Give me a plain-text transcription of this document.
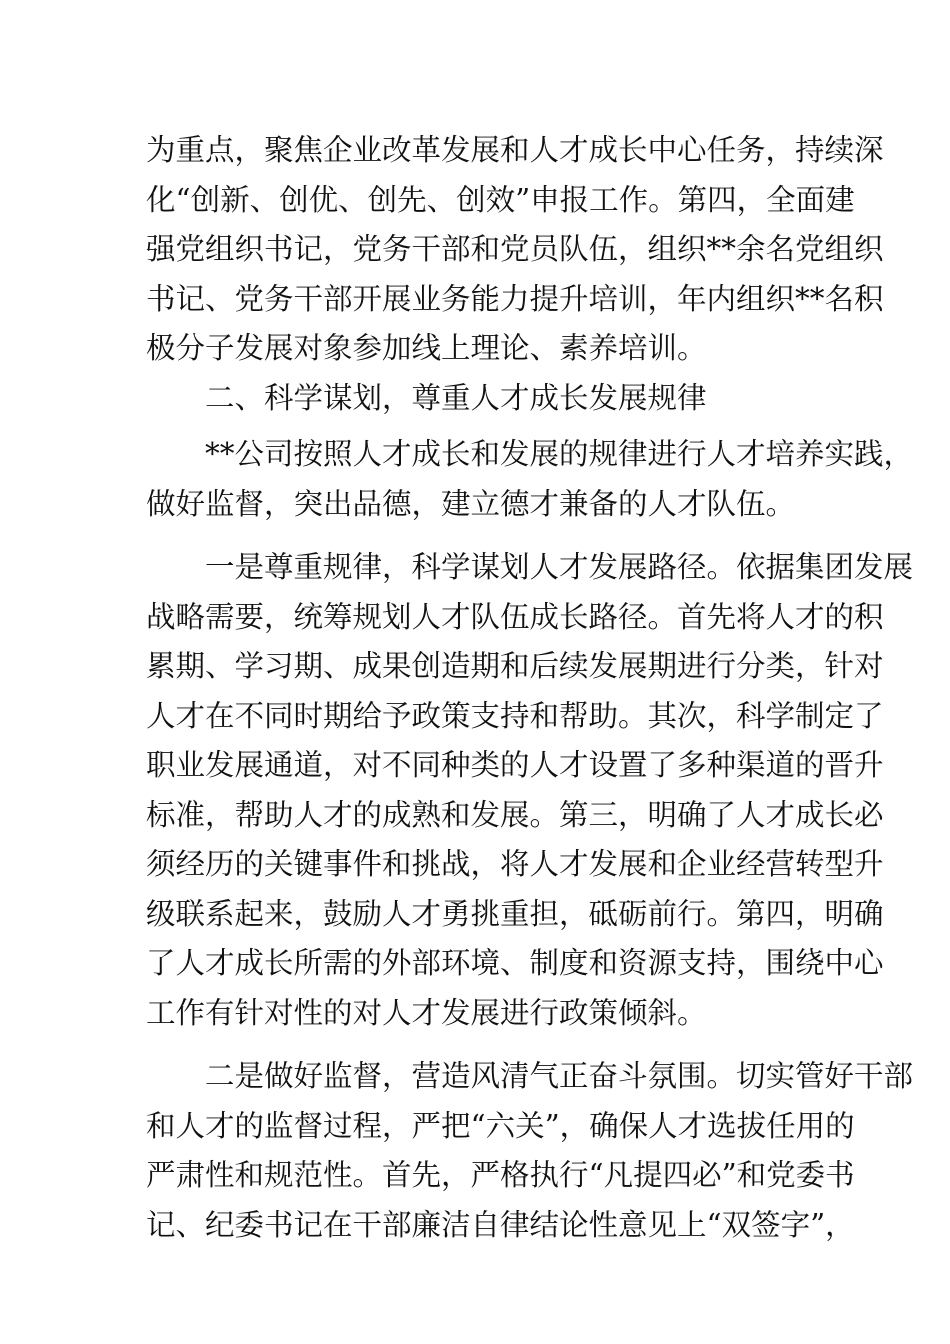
为重点，聚焦企业改革发展和人才成长中心任务，持续深
化“创新、创优、创先、创效”申报工作。第四，全面建
强党组织书记，党务干部和党员队伍，组织**余名党组织
书记、党务干部开展业务能力提升培训，年内组织**名积
极分子发展对象参加线上理论、素养培训。
　　二、科学谋划，尊重人才成长发展规律
　　**公司按照人才成长和发展的规律进行人才培养实践，
做好监督，突出品德，建立德才兼备的人才队伍。
　　一是尊重规律，科学谋划人才发展路径。依据集团发展
战略需要，统筹规划人才队伍成长路径。首先将人才的积
累期、学习期、成果创造期和后续发展期进行分类，针对
人才在不同时期给予政策支持和帮助。其次，科学制定了
职业发展通道，对不同种类的人才设置了多种渠道的晋升
标准，帮助人才的成熟和发展。第三，明确了人才成长必
须经历的关键事件和挑战，将人才发展和企业经营转型升
级联系起来，鼓励人才勇挑重担，砥砺前行。第四，明确
了人才成长所需的外部环境、制度和资源支持，围绕中心
工作有针对性的对人才发展进行政策倾斜。
　　二是做好监督，营造风清气正奋斗氛围。切实管好干部
和人才的监督过程，严把“六关”，确保人才选拔任用的
严肃性和规范性。首先，严格执行“凡提四必”和党委书
记、纪委书记在干部廉洁自律结论性意见上“双签字”，
